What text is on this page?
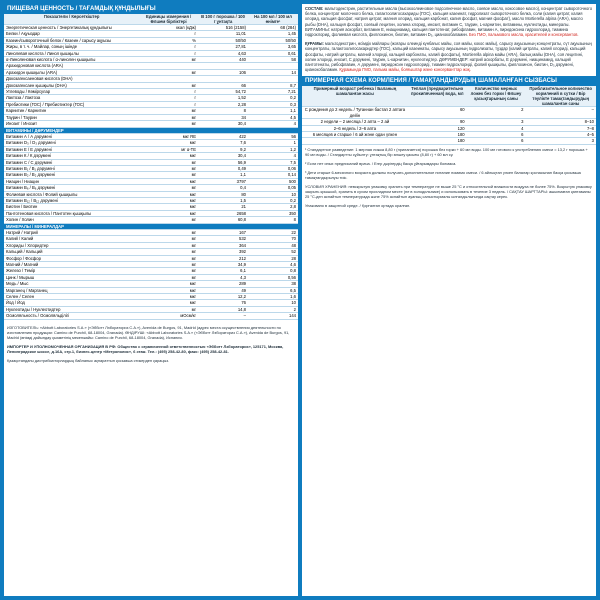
ПИЩЕВАЯ ЦЕННОСТЬ / ТАҒАМДЫҚ ҚҰНДЫЛЫҒЫ
Показатели / Көрсеткіштер	Единицы измерения / Өлшем бірліктері	В 100 г порошка / 100 г ұнтақта	На 100 мл / 100 мл өнімге¹
Энергетическая ценность / Энергетикалық құндылығы	ккал (кДж)	516 (2158)	68 (284)
Белки / Ақуыздар	г	11,01	1,45
Казеин/сывороточный белок / Казеин / сарысу ақуызы	%	50/50	50/50
Жиры, в т. ч. / Майлар, соның ішінде	г	27,81	3,65
Линолевая кислота / Линол қышқылы	г	4,63	0,61
α-Линоленовая кислота / α-линолен қышқылы	мг	440	58
Арахидоновая кислота (ARA)			
Арахидон қышқылы (ARA)	мг	106	14
Докозагексаеновая кислота (DHA)			
Докозагексаен қышқылы (DHA)	мг	66	8,7
Углеводы / Көмірсулар	г	54,72	7,21
Лактоза / Лактоза	г	1,52	0,2
Пребиотики (ГОС) / Пребиотиктер (ГОС)	г	2,28	0,3
Карнитин / Карнитин	мг	8	1,1
Таурин / Таурин	мг	34	4,5
Инозит / Инозит	мг	30,4	4
ВИТАМИНЫ / ДӘРУМЕНДЕР			
Витамин А / А дәрумені	мкг RE	422	56
Витамин D₃ / D₃ дәрумені	мкг	7,6	1
Витамин Е / Е дәрумені	мг α-TE	9,2	1,2
Витамин К / К дәрумені	мкг	30,4	4
Витамин С / С дәрумені	мг	56,9	7,5
Витамин В₁ / В₁ дәрумені	мг	0,49	0,06
Витамин В₂ / В₂ дәрумені	мг	1,1	0,14
Ниацин / Ниацин	мкг	3797	500
Витамин В₆ / В₆ дәрумені	мг	0,4	0,05
Фолиевая кислота / Фолий қышқылы	мкг	80	10
Витамин В₁₂ / В₁₂ дәрумені	мкг	1,5	0,2
Биотин / Биотин	мкг	21	2,8
Пантотеновая кислота / Пантотен қышқылы	мкг	2658	350
Холин / Холин	мг	60,8	8
МИНЕРАЛЫ / МИНЕРАЛДАР			
Натрий / Натрий	мг	167	22
Калий / Калий	мг	532	70
Хлориды / Хлоридтер	мг	364	48
Кальций / Кальций	мг	392	52
Фосфор / Фосфор	мг	212	28
Магний / Магний	мг	34,9	4,6
Железо / Темір	мг	6,1	0,8
Цинк / Мырыш	мг	4,3	0,56
Медь / Мыс	мкг	289	38
Марганец / Марганец	мкг	49	6,5
Селен / Селен	мкг	12,2	1,6
Йод / Йод	мкг	76	10
Нуклеотиды / Нуклеотидтер	мг	14,8	2
Осмоляльность / Осмоляльділігі	мОсм/кг	–	144
ИЗГОТОВИТЕЛЬ: «Abbott Laboratories S.A.» («Эбботт Лэбораториз С.А.»), Avenida de Burgos, 91, Madrid (адрес места осуществления деятельности по изготовлению продукции: Camino de Purchil, 68-18004, Granada). ӨНДІРУШІ: «Abbott Laboratories S.A.» («Эбботт Лэбораториз С.А.»), Avenida de Burgos, 91, Madrid (өнімді дайындау қызметінің мекенжайы: Camino de Purchil, 68-18004, Granada), Испания.
ИМПОРТЕР И УПОЛНОМОЧЕННАЯ ОРГАНИЗАЦИЯ В РФ: Общество с ограниченной ответственностью «Эбботт Лэбораториз», 125171, Москва, Ленинградское шоссе, д.16А, стр.1, бизнес-центр «Метрополис», 6 этаж. Тел.: (495) 258-42-80, факс: (495) 258-42-81.
Қазақстандағы дистрибьюторлардың байланыс ақпараттын қосымша стикерден қараңыз.
СОСТАВ: мальтодекстрин, растительные масла (высокоолеиновое подсолнечное масло, соевое масло, кокосовое масло), концентрат сывороточного белка, концентрат молочного белка, галактоолигосахариды (ГОС), кальция казеинат, гидролизат сывороточного белка, соли (калия цитрат, калия хлорид, кальция фосфат, натрия цитрат, магния хлорид, кальция карбонат, калия фосфат, магния фосфат), масло Mortierella alpina (ARA), масло рыбы (DHA), кальция фосфат, соевый лецитин, холина хлорид, инозит, витамин С, таурин, L-карнитин, витамины, нуклеотиды, минералы. ВИТАМИНЫ: натрия аскорбат, витамин Е, ниацинамид, кальция пантотенат, рибофлавин, витамин А, пиридоксина гидрохлорид, тиамина гидрохлорид, фолиевая кислота, филлохинон, биотин, витамин D₃, цианокобаламин. Без ГМО, пальмового масла, красителей и консервантов.
ҚҰРАМЫ: мальтодекстрин, өсімдік майлары (жоғары олеинді күнбағыс майы, соя майы, кокос майы), сарысу ақуызының концентраты, сүт ақуызының концентраты, галактоолигосахаридтер (ГОС), кальций казеинаты, сарысу ақуызының гидролизаты, тұздар (калий цитраты, калий хлориді, кальций фосфаты, натрий цитраты, магний хлориді, кальций карбонаты, калий фосфаты), Mortierella alpina майы (ARA), балық майы (DHA), соя лецитині, холин хлориді, инозит, С дәрумені, таурин, L-карнитин, нуклеотидтер. ДӘРУМЕНДЕР: натрий аскорбаты, Е дәрумені, ниацинамид, кальций пантотенаты, рибофлавин, А дәрумені, пиридоксин гидрохлориді, тиамин гидрохлориді, фолий қышқылы, филлохинон, биотин, D₃ дәрумені, цианокобаламин. Құрамында ГМО, пальма майы, бояғыштар және консерванттар жоқ.
ПРИМЕРНАЯ СХЕМА КОРМЛЕНИЯ / ТАМАҚТАНДЫРУДЫҢ ШАМАЛАНҒАН СЫЗБАСЫ
Примерный возраст ребенка / Баланың шамаланған жасы	Теплая (предварительно прокипяченная) вода, мл	Количество мерных ложек без горки / Өлшеу қасықтарының саны	Приблизительное количество кормлений в сутки / Бір тәулікте тамақтандырудың шамаланған саны
С рождения до 2 недель / Туғаннан бастап 2 аптаға дейін	60	2	–
2 недели – 2 месяца / 2 апта – 2 ай	90	3	8–10
2–6 недель / 2–6 апта	120	4	7–8
6 месяцев и старше / 6 ай және одан үлкен	180	6	4–5
	180	6	3
¹ Стандартное разведение: 1 мерная ложка 8,80 г (прилагается) порошка без горки + 60 мл воды. 100 мл готового к употреблению смеси = 13,2 г порошка + 90 мл воды. / Стандартты сұйылту: ұнтақтың бір өлшеу қасығы (8,80 г) + 60 мл су.
² Если нет иных предписаний врача. / Егер дәрігердің басқа ұйғарымдары болмаса.
³ Дети старше 6-месячного возраста должны получать дополнительное питание помимо смеси. / 6 айлықтан үлкен балалар қоспасынан басқа қосымша тамақтандырылуы тиіс.
УСЛОВИЯ ХРАНЕНИЯ: невскрытую упаковку хранить при температуре не выше 25 °С и относительной влажности воздуха не более 75%. Вскрытую упаковку закрыть крышкой, хранить в сухом прохладном месте (не в холодильнике) и использовать в течение 3 недель. / САҚТАУ ШАРТТАРЫ: ашылмаған қаптаманы 25 °С-ден аспайтын температурада және 75% аспайтын ауаның салыстырмалы ылғалдылығында сақтау керек.
Упаковано в защитной среде. / Қорғалған ортада оралған.
